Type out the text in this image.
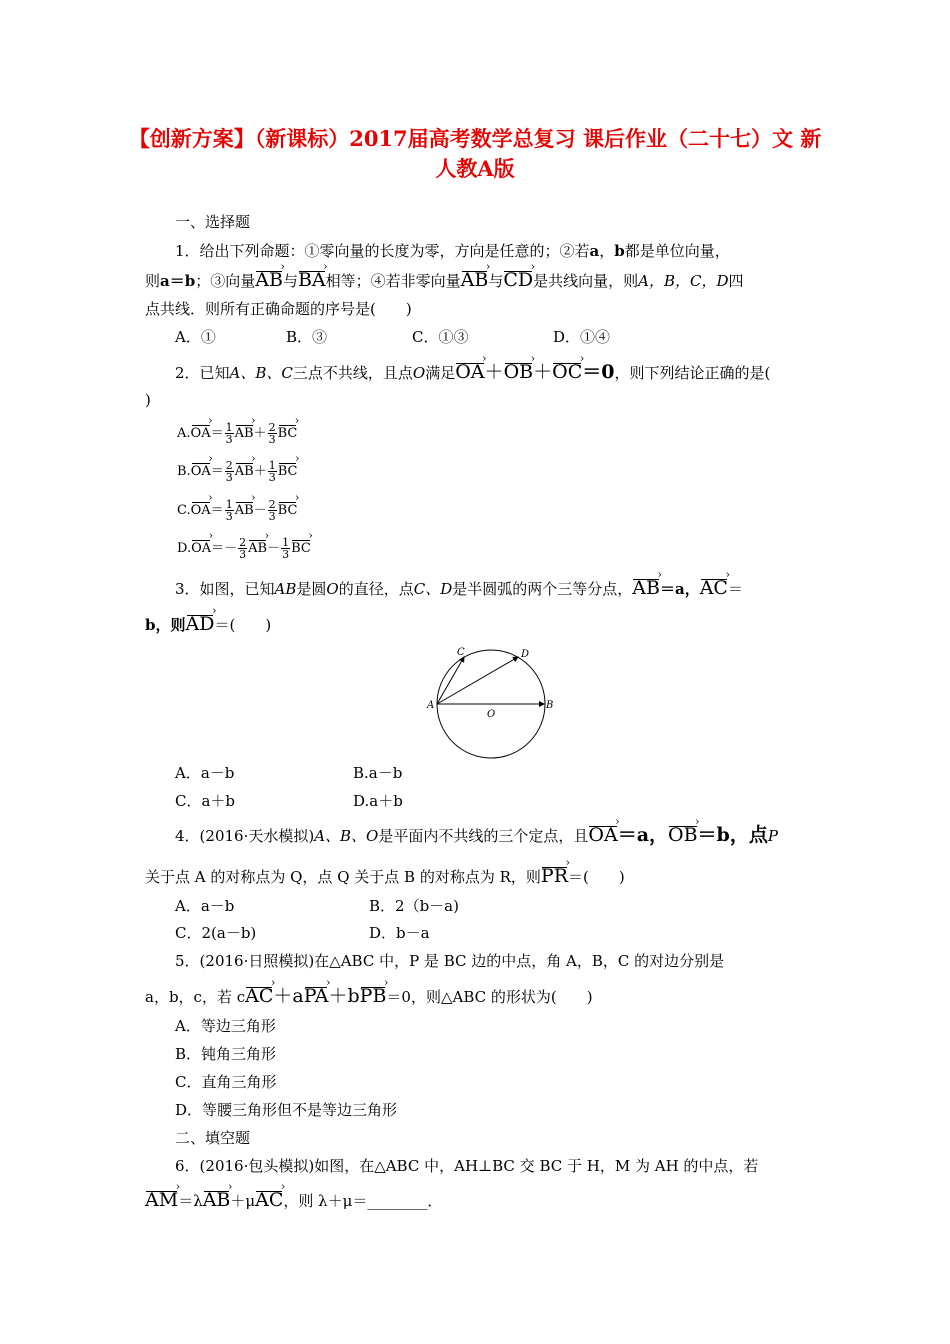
【创新方案】（新课标）2017届高考数学总复习 课后作业（二十七）文 新人教A版
一、选择题
1．给出下列命题：①零向量的长度为零，方向是任意的；②若a，b都是单位向量，
则a＝b；③向量AB ›与BA ›相等；④若非零向量AB ›与CD ›是共线向量，则A，B，C，D四
点共线．则所有正确命题的序号是(　　)
A．①	B．③	C．①③	D．①④
2．已知A、B、C三点不共线，且点O满足OA ›＋OB ›＋OC ›＝0，则下列结论正确的是(
)
A.OA ›＝ $\frac{1}{3}$ AB ›＋ $\frac{2}{3}$ BC ›
B.OA ›＝ $\frac{2}{3}$ AB ›＋ $\frac{1}{3}$ BC ›
C.OA ›＝ $\frac{1}{3}$ AB ›－ $\frac{2}{3}$ BC ›
D.OA ›＝－ $\frac{2}{3}$ AB ›－ $\frac{1}{3}$ BC ›
3．如图，已知AB是圆O的直径，点C、D是半圆弧的两个三等分点，AB ›＝a，AC ›＝
b，则AD ›＝(　　)
A	B
C	D
O
A．a－b	B.a－b
C．a＋b	D.a＋b
4．(2016·天水模拟)A、B、O是平面内不共线的三个定点，且OA ›＝a，OB ›＝b，点P
关于点 A 的对称点为 Q，点 Q 关于点 B 的对称点为 R，则PR ›＝(　　)
A．a－b	B．2（b－a)
C．2(a－b)	D．b－a
5．(2016·日照模拟)在△ABC 中，P 是 BC 边的中点，角 A，B，C 的对边分别是
a，b，c，若 cAC ›＋aPA ›＋bPB ›＝0，则△ABC 的形状为(　　)
A．等边三角形
B．钝角三角形
C．直角三角形
D．等腰三角形但不是等边三角形
二、填空题
6．(2016·包头模拟)如图，在△ABC 中，AH⊥BC 交 BC 于 H，M 为 AH 的中点，若
AM ›＝λAB ›＋μAC ›，则 λ＋μ＝________．
